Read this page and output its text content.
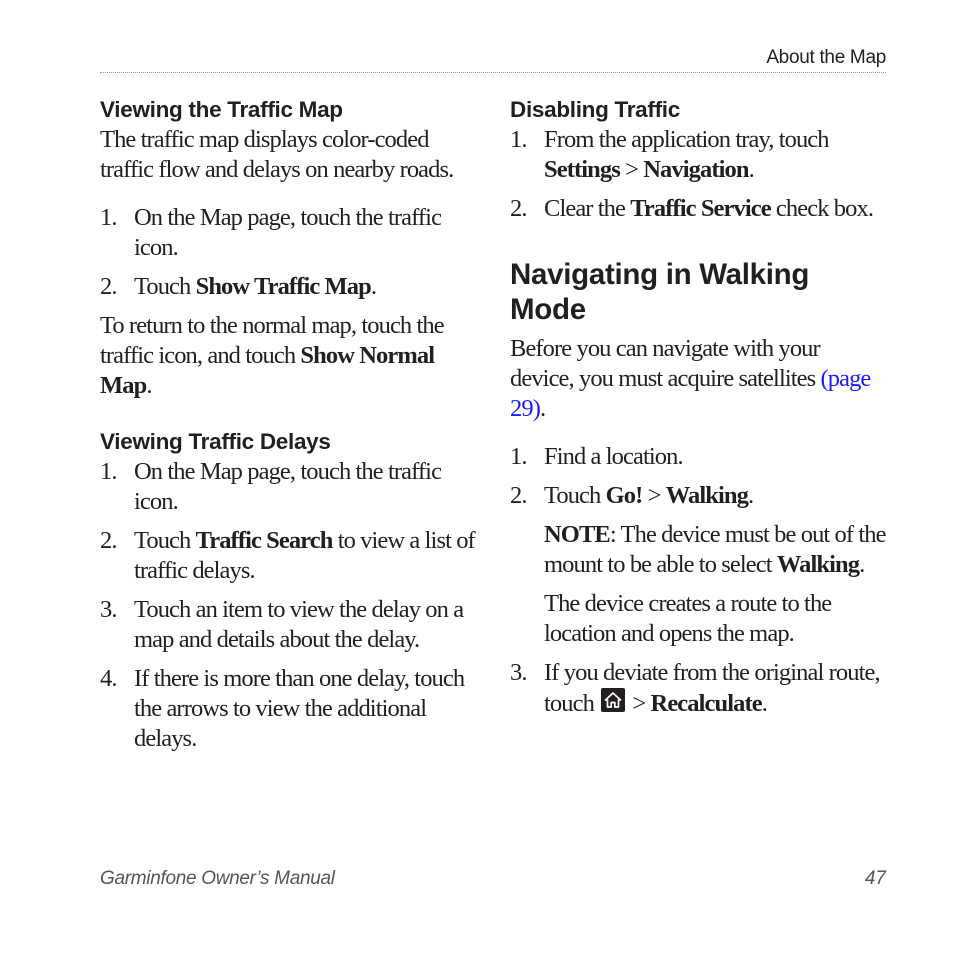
About the Map
Viewing the Traffic Map

The traffic map displays color-coded traffic flow and delays on nearby roads.

1. On the Map page, touch the traffic icon.
2. Touch Show Traffic Map.

To return to the normal map, touch the traffic icon, and touch Show Normal Map.

Viewing Traffic Delays
1. On the Map page, touch the traffic icon.
2. Touch Traffic Search to view a list of traffic delays.
3. Touch an item to view the delay on a map and details about the delay.
4. If there is more than one delay, touch the arrows to view the additional delays.
Disabling Traffic
1. From the application tray, touch Settings > Navigation.
2. Clear the Traffic Service check box.
Navigating in Walking Mode

Before you can navigate with your device, you must acquire satellites (page 29).

1. Find a location.
2. Touch Go! > Walking.

NOTE: The device must be out of the mount to be able to select Walking.

The device creates a route to the location and opens the map.

3. If you deviate from the original route, touch
> Recalculate.
Garminfone Owner’s Manual	47
